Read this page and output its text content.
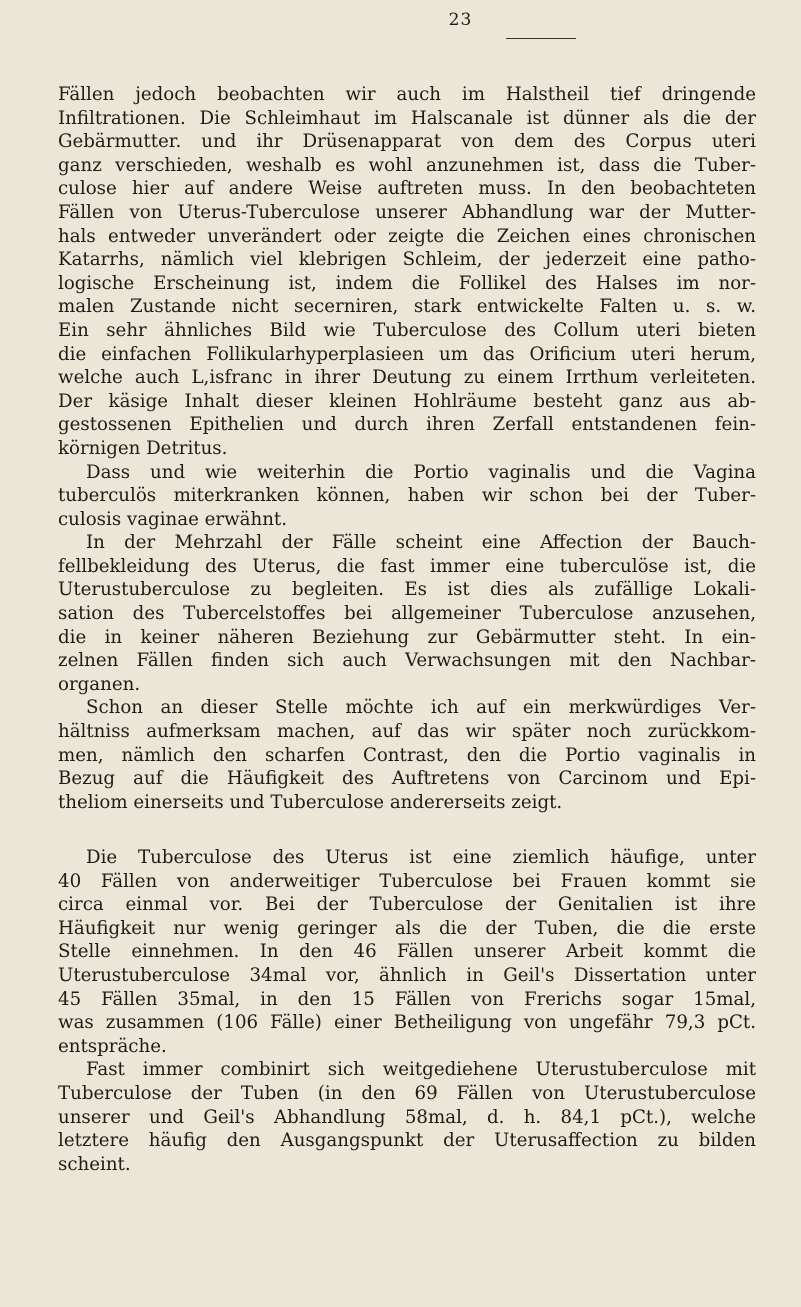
23
Fällen jedoch beobachten wir auch im Halstheil tief dringende
Infiltrationen. Die Schleimhaut im Halscanale ist dünner als die der
Gebärmutter. und ihr Drüsenapparat von dem des Corpus uteri
ganz verschieden, weshalb es wohl anzunehmen ist, dass die Tuber-
culose hier auf andere Weise auftreten muss. In den beobachteten
Fällen von Uterus-Tuberculose unserer Abhandlung war der Mutter-
hals entweder unverändert oder zeigte die Zeichen eines chronischen
Katarrhs, nämlich viel klebrigen Schleim, der jederzeit eine patho-
logische Erscheinung ist, indem die Follikel des Halses im nor-
malen Zustande nicht secerniren, stark entwickelte Falten u. s. w.
Ein sehr ähnliches Bild wie Tuberculose des Collum uteri bieten
die einfachen Follikularhyperplasieen um das Orificium uteri herum,
welche auch L,isfranc in ihrer Deutung zu einem Irrthum verleiteten.
Der käsige Inhalt dieser kleinen Hohlräume besteht ganz aus ab-
gestossenen Epithelien und durch ihren Zerfall entstandenen fein-
körnigen Detritus.
Dass und wie weiterhin die Portio vaginalis und die Vagina
tuberculös miterkranken können, haben wir schon bei der Tuber-
culosis vaginae erwähnt.
In der Mehrzahl der Fälle scheint eine Affection der Bauch-
fellbekleidung des Uterus, die fast immer eine tuberculöse ist, die
Uterustuberculose zu begleiten. Es ist dies als zufällige Lokali-
sation des Tubercelstoffes bei allgemeiner Tuberculose anzusehen,
die in keiner näheren Beziehung zur Gebärmutter steht. In ein-
zelnen Fällen finden sich auch Verwachsungen mit den Nachbar-
organen.
Schon an dieser Stelle möchte ich auf ein merkwürdiges Ver-
hältniss aufmerksam machen, auf das wir später noch zurückkom-
men, nämlich den scharfen Contrast, den die Portio vaginalis in
Bezug auf die Häufigkeit des Auftretens von Carcinom und Epi-
theliom einerseits und Tuberculose andererseits zeigt.
Die Tuberculose des Uterus ist eine ziemlich häufige, unter
40 Fällen von anderweitiger Tuberculose bei Frauen kommt sie
circa einmal vor. Bei der Tuberculose der Genitalien ist ihre
Häufigkeit nur wenig geringer als die der Tuben, die die erste
Stelle einnehmen. In den 46 Fällen unserer Arbeit kommt die
Uterustuberculose 34mal vor, ähnlich in Geil's Dissertation unter
45 Fällen 35mal, in den 15 Fällen von Frerichs sogar 15mal,
was zusammen (106 Fälle) einer Betheiligung von ungefähr 79,3 pCt.
entspräche.
Fast immer combinirt sich weitgediehene Uterustuberculose mit
Tuberculose der Tuben (in den 69 Fällen von Uterustuberculose
unserer und Geil's Abhandlung 58mal, d. h. 84,1 pCt.), welche
letztere häufig den Ausgangspunkt der Uterusaffection zu bilden
scheint.
